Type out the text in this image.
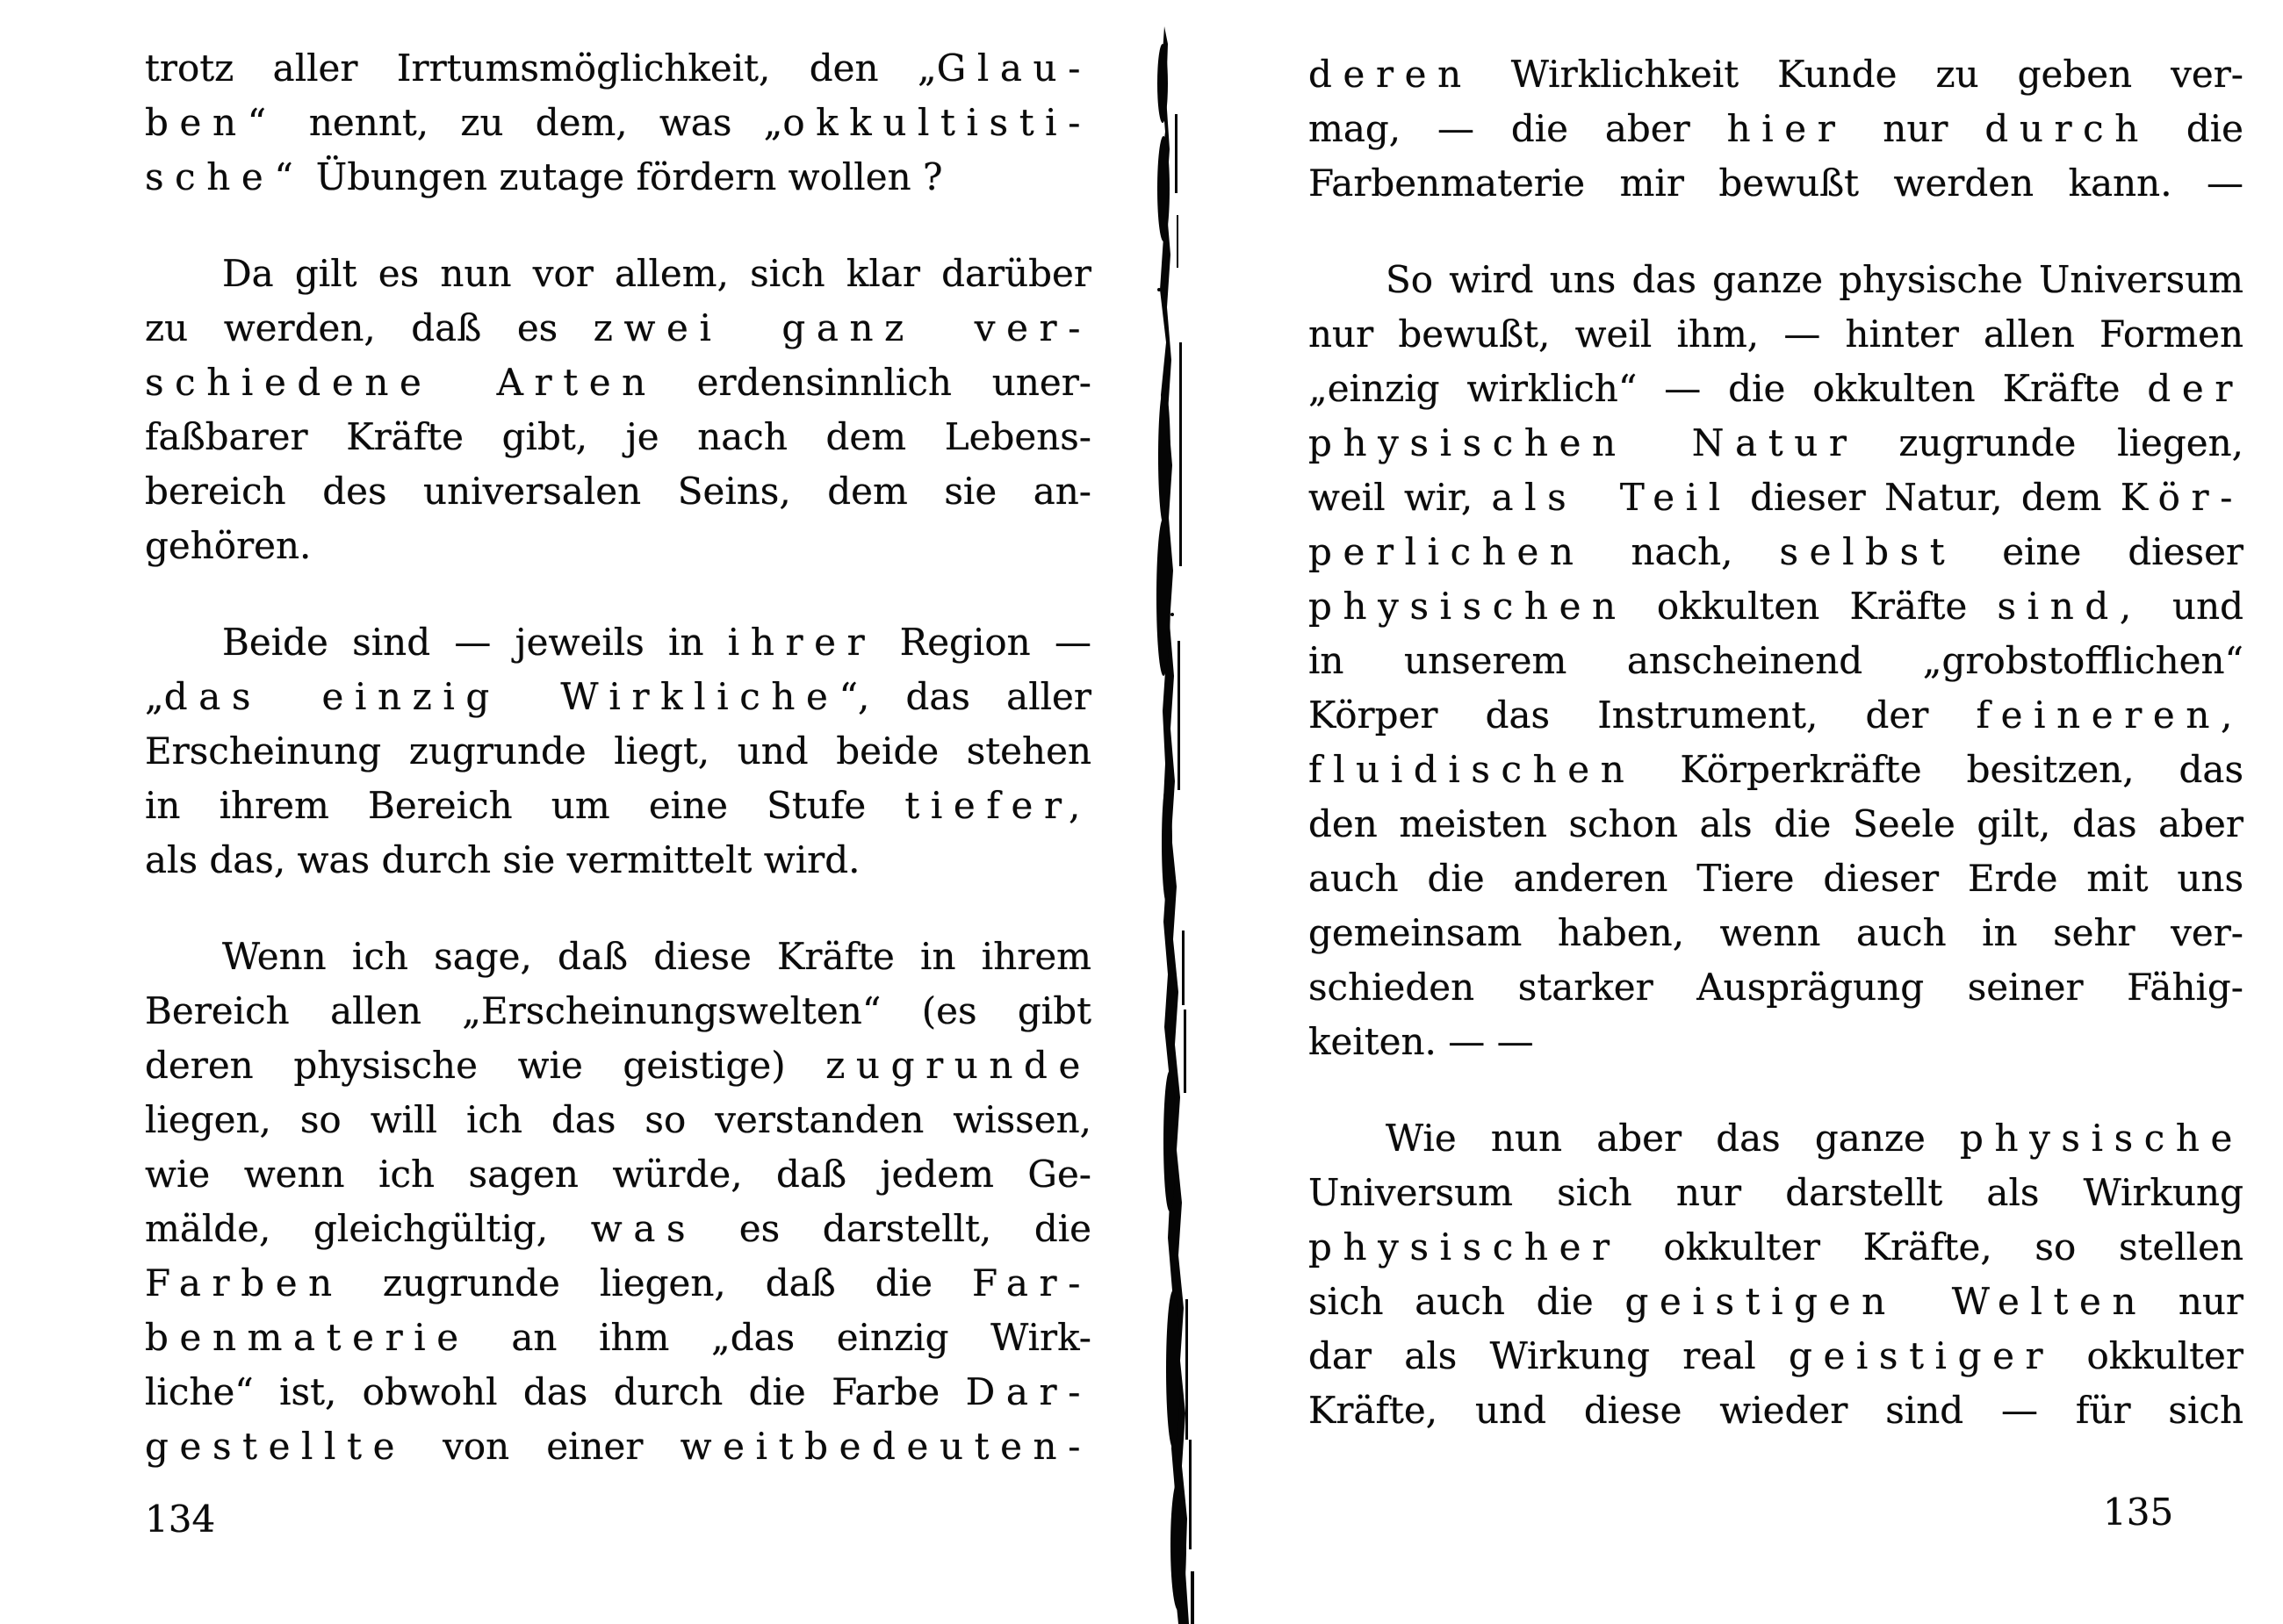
trotz aller Irrtumsmöglichkeit, den „Glau-
ben“ nennt, zu dem, was „okkultisti-
sche“ Übungen zutage fördern wollen ?
Da gilt es nun vor allem, sich klar darüber
zu werden, daß es zwei ganz ver-
schiedene Arten erdensinnlich uner-
faßbarer Kräfte gibt, je nach dem Lebens-
bereich des universalen Seins, dem sie an-
gehören.
Beide sind — jeweils in ihrer Region —
„das einzig Wirkliche“, das aller
Erscheinung zugrunde liegt, und beide stehen
in ihrem Bereich um eine Stufe tiefer,
als das, was durch sie vermittelt wird.
Wenn ich sage, daß diese Kräfte in ihrem
Bereich allen „Erscheinungswelten“ (es gibt
deren physische wie geistige) zugrunde
liegen, so will ich das so verstanden wissen,
wie wenn ich sagen würde, daß jedem Ge-
mälde, gleichgültig, was es darstellt, die
Farben zugrunde liegen, daß die Far-
benmaterie an ihm „das einzig Wirk-
liche“ ist, obwohl das durch die Farbe Dar-
gestellte von einer weitbedeuten-
deren Wirklichkeit Kunde zu geben ver-
mag, — die aber hier nur durch die
Farbenmaterie mir bewußt werden kann. —
So wird uns das ganze physische Universum
nur bewußt, weil ihm, — hinter allen Formen
„einzig wirklich“ — die okkulten Kräfte der
physischen Natur zugrunde liegen,
weil wir, als Teil dieser Natur, dem Kör-
perlichen nach, selbst eine dieser
physischen okkulten Kräfte sind, und
in unserem anscheinend „grobstofflichen“
Körper das Instrument, der feineren,
fluidischen Körperkräfte besitzen, das
den meisten schon als die Seele gilt, das aber
auch die anderen Tiere dieser Erde mit uns
gemeinsam haben, wenn auch in sehr ver-
schieden starker Ausprägung seiner Fähig-
keiten. — —
Wie nun aber das ganze physische
Universum sich nur darstellt als Wirkung
physischer okkulter Kräfte, so stellen
sich auch die geistigen Welten nur
dar als Wirkung real geistiger okkulter
Kräfte, und diese wieder sind — für sich
134	135
